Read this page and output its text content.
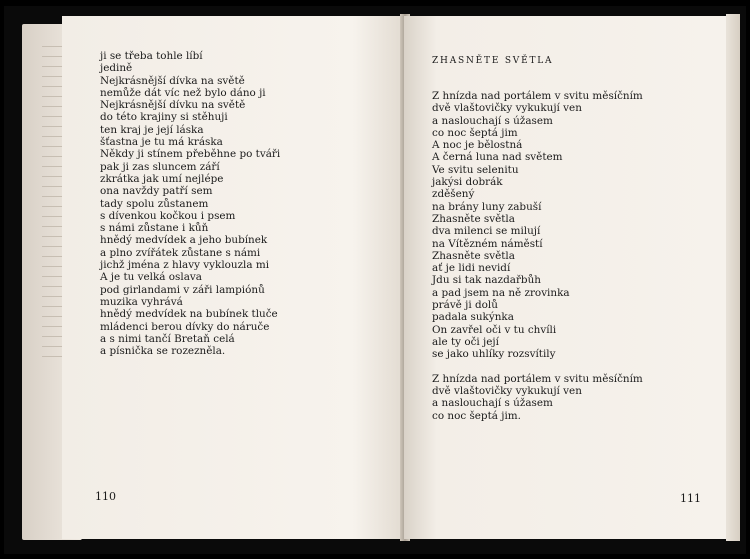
ji se třeba tohle líbí
jedině
Nejkrásnější dívka na světě
nemůže dát víc než bylo dáno ji
Nejkrásnější dívku na světě
do této krajiny si stěhuji
ten kraj je její láska
šťastna je tu má kráska
Někdy ji stínem přeběhne po tváři
pak ji zas sluncem září
zkrátka jak umí nejlépe
ona navždy patří sem
tady spolu zůstanem
s dívenkou kočkou i psem
s námi zůstane i kůň
hnědý medvídek a jeho bubínek
a plno zvířátek zůstane s námi
jichž jména z hlavy vyklouzla mi
A je tu velká oslava
pod girlandami v záři lampiónů
muzika vyhrává
hnědý medvídek na bubínek tluče
mládenci berou dívky do náruče
a s nimi tančí Bretaň celá
a písnička se rozezněla.
110
ZHASNĚTE SVĚTLA
Z hnízda nad portálem v svitu měsíčním
dvě vlaštovičky vykukují ven
a naslouchají s úžasem
co noc šeptá jim
A noc je bělostná
A černá luna nad světem
Ve svitu selenitu
jakýsi dobrák
zděšený
na brány luny zabuší
Zhasněte světla
dva milenci se milují
na Vítězném náměstí
Zhasněte světla
ať je lidi nevidí
Jdu si tak nazdařbůh
a pad jsem na ně zrovinka
právě ji dolů
padala sukýnka
On zavřel oči v tu chvíli
ale ty oči její
se jako uhlíky rozsvítily
Z hnízda nad portálem v svitu měsíčním
dvě vlaštovičky vykukují ven
a naslouchají s úžasem
co noc šeptá jim.
111
